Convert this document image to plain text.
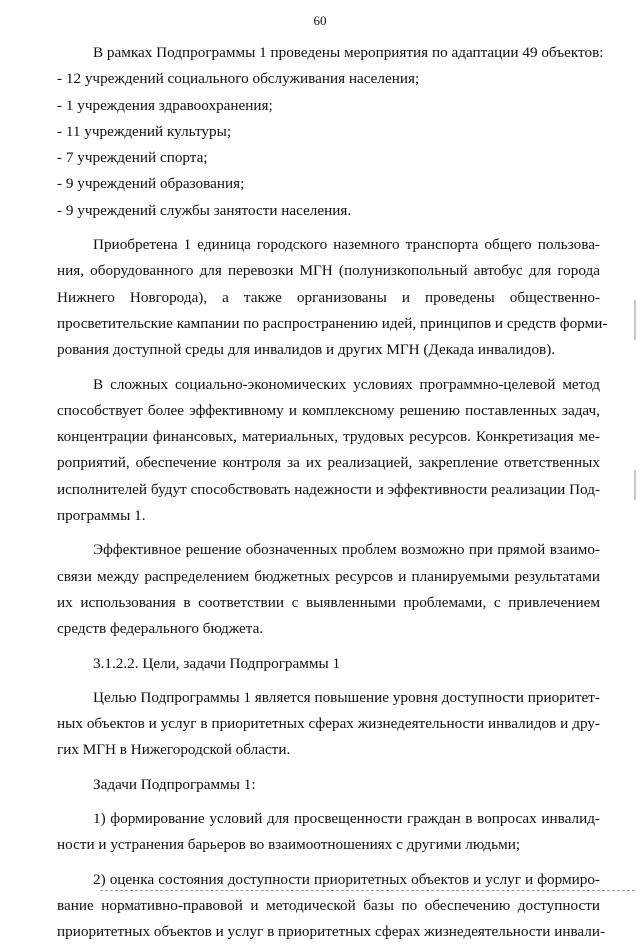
60
В рамках Подпрограммы 1 проведены мероприятия по адаптации 49 объектов:
- 12 учреждений социального обслуживания населения;
- 1 учреждения здравоохранения;
- 11 учреждений культуры;
- 7 учреждений спорта;
- 9 учреждений образования;
- 9 учреждений службы занятости населения.
Приобретена 1 единица городского наземного транспорта общего пользова-
ния, оборудованного для перевозки МГН (полунизкопольный автобус для города
Нижнего Новгорода), а также организованы и проведены общественно-
просветительские кампании по распространению идей, принципов и средств форми-
рования доступной среды для инвалидов и других МГН (Декада инвалидов).
В сложных социально-экономических условиях программно-целевой метод
способствует более эффективному и комплексному решению поставленных задач,
концентрации финансовых, материальных, трудовых ресурсов. Конкретизация ме-
роприятий, обеспечение контроля за их реализацией, закрепление ответственных
исполнителей будут способствовать надежности и эффективности реализации Под-
программы 1.
Эффективное решение обозначенных проблем возможно при прямой взаимо-
связи между распределением бюджетных ресурсов и планируемыми результатами
их использования в соответствии с выявленными проблемами, с привлечением
средств федерального бюджета.
3.1.2.2. Цели, задачи Подпрограммы 1
Целью Подпрограммы 1 является повышение уровня доступности приоритет-
ных объектов и услуг в приоритетных сферах жизнедеятельности инвалидов и дру-
гих МГН в Нижегородской области.
Задачи Подпрограммы 1:
1) формирование условий для просвещенности граждан в вопросах инвалид-
ности и устранения барьеров во взаимоотношениях с другими людьми;
2) оценка состояния доступности приоритетных объектов и услуг и формиро-
вание нормативно-правовой и методической базы по обеспечению доступности
приоритетных объектов и услуг в приоритетных сферах жизнедеятельности инвали-
